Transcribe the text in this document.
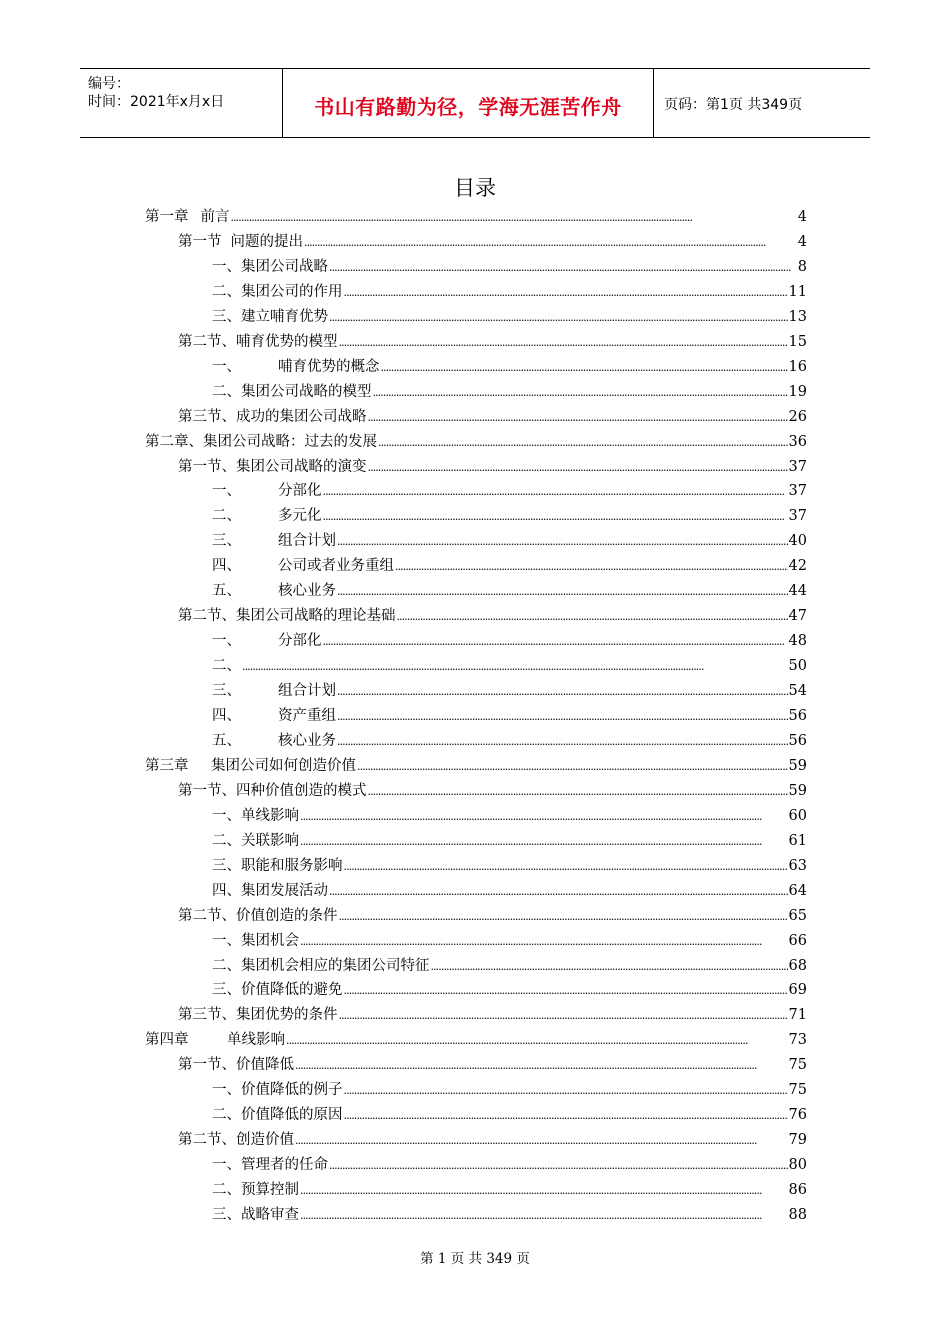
编号：
时间：2021年x月x日	书山有路勤为径，学海无涯苦作舟	页码：第1页 共349页
目录
第一章 前言 . . .	4
第一节 问题的提出 . . .	4
一、 集团公司战略 . . .	8
二、 集团公司的作用 . . .	11
三、 建立哺育优势 . . .	13
第二节、 哺育优势的模型 . . .	15
一、	哺育优势的概念 . . .	16
二、 集团公司战略的模型 . . .	19
第三节、 成功的集团公司战略 . . .	26
第二章、 集团公司战略：过去的发展 . . .	36
第一节、 集团公司战略的演变 . . .	37
一、	分部化 . . .	37
二、	多元化 . . .	37
三、	组合计划 . . .	40
四、	公司或者业务重组 . . .	42
五、	核心业务 . . .	44
第二节、 集团公司战略的理论基础 . . .	47
一、	分部化 . . .	48
二、 . . .	50
三、	组合计划 . . .	54
四、	资产重组 . . .	56
五、	核心业务 . . .	56
第三章	集团公司如何创造价值 . . .	59
第一节、 四种价值创造的模式 . . .	59
一、 单线影响 . . .	60
二、 关联影响 . . .	61
三、 职能和服务影响 . . .	63
四、 集团发展活动 . . .	64
第二节、 价值创造的条件 . . .	65
一、 集团机会 . . .	66
二、 集团机会相应的集团公司特征 . . .	68
三、 价值降低的避免 . . .	69
第三节、 集团优势的条件 . . .	71
第四章	单线影响 . . .	73
第一节、 价值降低 . . .	75
一、 价值降低的例子 . . .	75
二、 价值降低的原因 . . .	76
第二节、 创造价值 . . .	79
一、 管理者的任命 . . .	80
二、 预算控制 . . .	86
三、 战略审查 . . .	88
第 1 页 共 349 页
